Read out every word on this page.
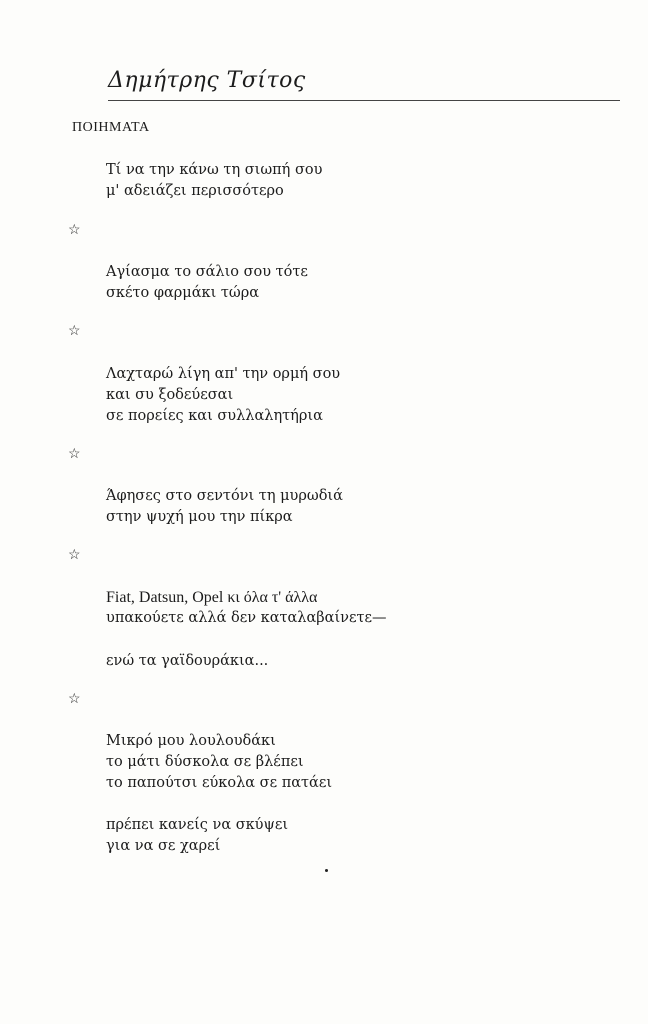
Δημήτρης Τσίτος
ΠΟΙΗΜΑΤΑ
Τί να την κάνω τη σιωπή σου
μ' αδειάζει περισσότερο
☆
Αγίασμα το σάλιο σου τότε
σκέτο φαρμάκι τώρα
☆
Λαχταρώ λίγη απ' την ορμή σου
και συ ξοδεύεσαι
σε πορείες και συλλαλητήρια
☆
Άφησες στο σεντόνι τη μυρωδιά
στην ψυχή μου την πίκρα
☆
Fiat, Datsun, Opel κι όλα τ' άλλα
υπακούετε αλλά δεν καταλαβαίνετε—
ενώ τα γαϊδουράκια...
☆
Μικρό μου λουλουδάκι
το μάτι δύσκολα σε βλέπει
το παπούτσι εύκολα σε πατάει
πρέπει κανείς να σκύψει
για να σε χαρεί
